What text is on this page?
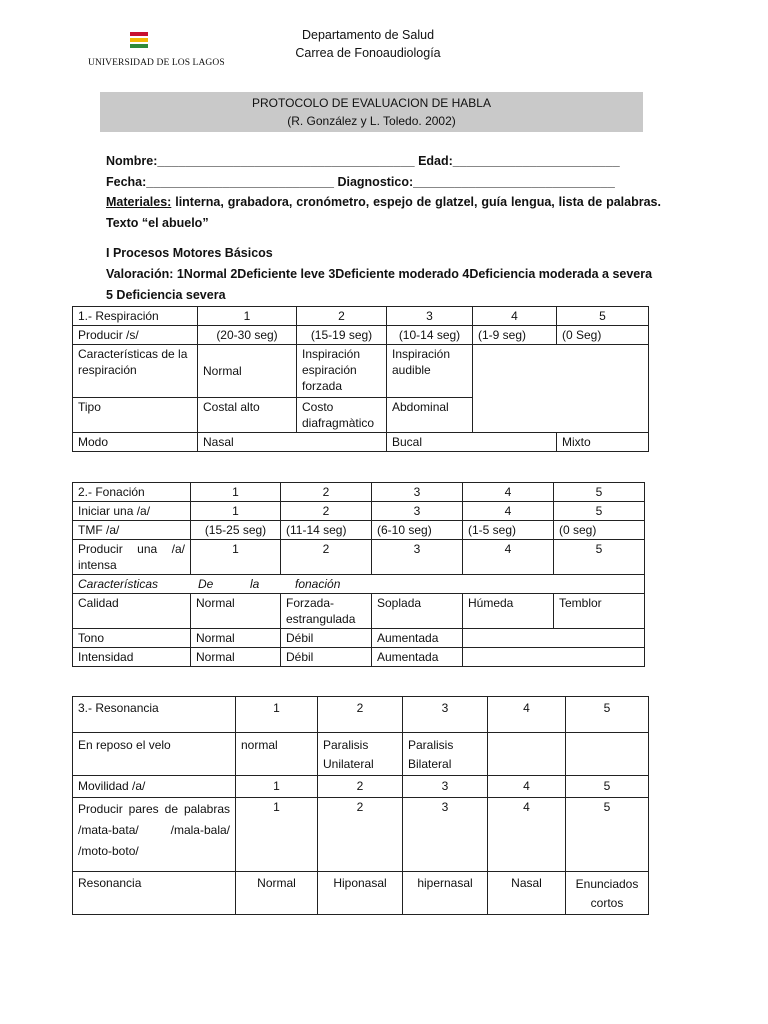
UNIVERSIDAD DE LOS LAGOS
Departamento de Salud
Carrea de Fonoaudiología
PROTOCOLO DE EVALUACION DE HABLA
(R. González y L. Toledo. 2002)
Nombre:_____________________________________ Edad:________________________
Fecha:___________________________ Diagnostico:_____________________________
Materiales: linterna, grabadora, cronómetro, espejo de glatzel, guía lengua, lista de palabras. Texto “el abuelo”
I Procesos Motores Básicos
Valoración: 1Normal 2Deficiente leve 3Deficiente moderado 4Deficiencia moderada a severa
5 Deficiencia severa
1.- Respiración	1	2	3	4	5
Producir /s/	(20-30 seg)	(15-19 seg)	(10-14 seg)	(1-9 seg)	(0 Seg)
Características de la respiración	Normal	Inspiración espiración forzada	Inspiración audible		
Tipo	Costal alto	Costo diafragmàtico	Abdominal		
Modo	Nasal		Bucal		Mixto
2.- Fonación	1	2	3	4	5
Iniciar una /a/	1	2	3	4	5
TMF /a/	(15-25 seg)	(11-14 seg)	(6-10 seg)	(1-5 seg)	(0 seg)
Producir una /a/ intensa	1	2	3	4	5
Características De la fonación					
Calidad	Normal	Forzada-estrangulada	Soplada	Húmeda	Temblor
Tono	Normal	Débil	Aumentada		
Intensidad	Normal	Débil	Aumentada		
3.- Resonancia	1	2	3	4	5
En reposo el velo	normal	Paralisis Unilateral	Paralisis Bilateral		
Movilidad /a/	1	2	3	4	5
Producir pares de palabras /mata-bata/ /mala-bala/ /moto-boto/	1	2	3	4	5
Resonancia	Normal	Hiponasal	hipernasal	Nasal	Enunciados cortos
